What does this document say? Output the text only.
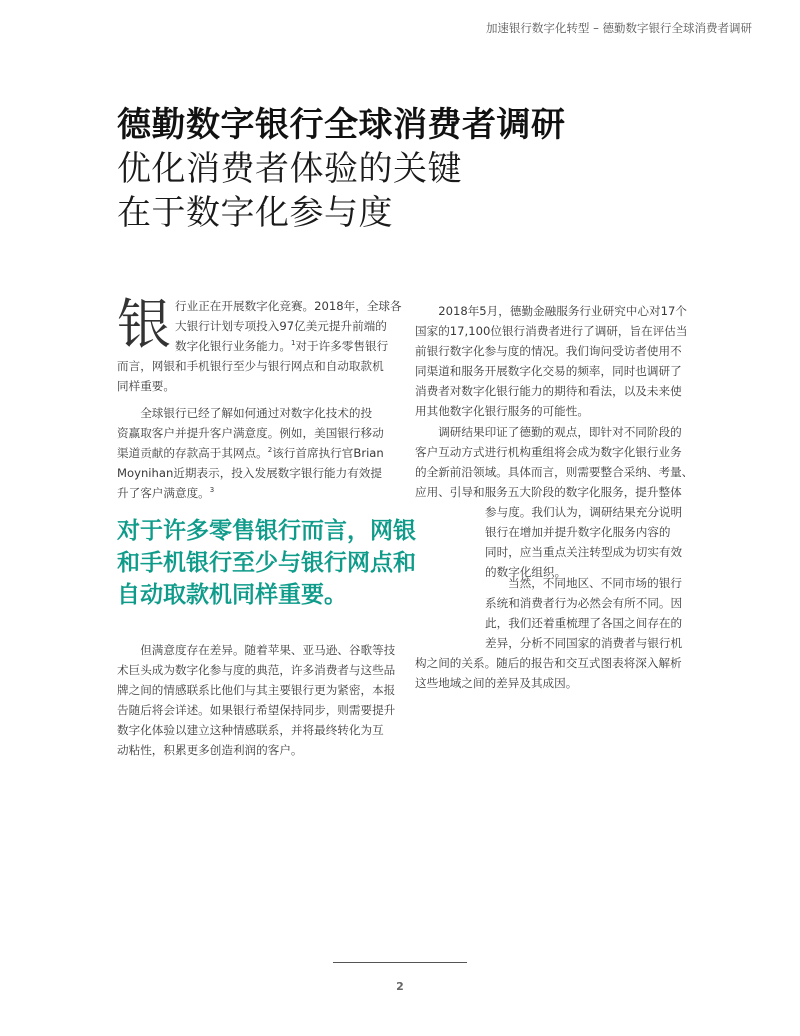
加速银行数字化转型 – 德勤数字银行全球消费者调研
德勤数字银行全球消费者调研
优化消费者体验的关键
在于数字化参与度
银 行业正在开展数字化竞赛。2018年，全球各
大银行计划专项投入97亿美元提升前端的
数字化银行业务能力。$^1$对于许多零售银行

而言，网银和手机银行至少与银行网点和自动取款机
同样重要。

全球银行已经了解如何通过对数字化技术的投
资赢取客户并提升客户满意度。例如，美国银行移动
渠道贡献的存款高于其网点。$^2$该行首席执行官Brian
Moynihan近期表示，投入发展数字银行能力有效提
升了客户满意度。$^3$

对于许多零售银行而言，网银
和手机银行至少与银行网点和
自动取款机同样重要。

但满意度存在差异。随着苹果、亚马逊、谷歌等技
术巨头成为数字化参与度的典范，许多消费者与这些品
牌之间的情感联系比他们与其主要银行更为紧密，本报
告随后将会详述。如果银行希望保持同步，则需要提升
数字化体验以建立这种情感联系，并将最终转化为互
动粘性，积累更多创造利润的客户。

2018年5月，德勤金融服务行业研究中心对17个
国家的17,100位银行消费者进行了调研，旨在评估当
前银行数字化参与度的情况。我们询问受访者使用不
同渠道和服务开展数字化交易的频率，同时也调研了
消费者对数字化银行能力的期待和看法，以及未来使
用其他数字化银行服务的可能性。

调研结果印证了德勤的观点，即针对不同阶段的
客户互动方式进行机构重组将会成为数字化银行业务
的全新前沿领域。具体而言，则需要整合采纳、考量、
应用、引导和服务五大阶段的数字化服务，提升整体
参与度。我们认为，调研结果充分说明
银行在增加并提升数字化服务内容的
同时，应当重点关注转型成为切实有效
的数字化组织。

当然，不同地区、不同市场的银行
系统和消费者行为必然会有所不同。因
此，我们还着重梳理了各国之间存在的
差异，分析不同国家的消费者与银行机
构之间的关系。随后的报告和交互式图表将深入解析
这些地域之间的差异及其成因。

2
